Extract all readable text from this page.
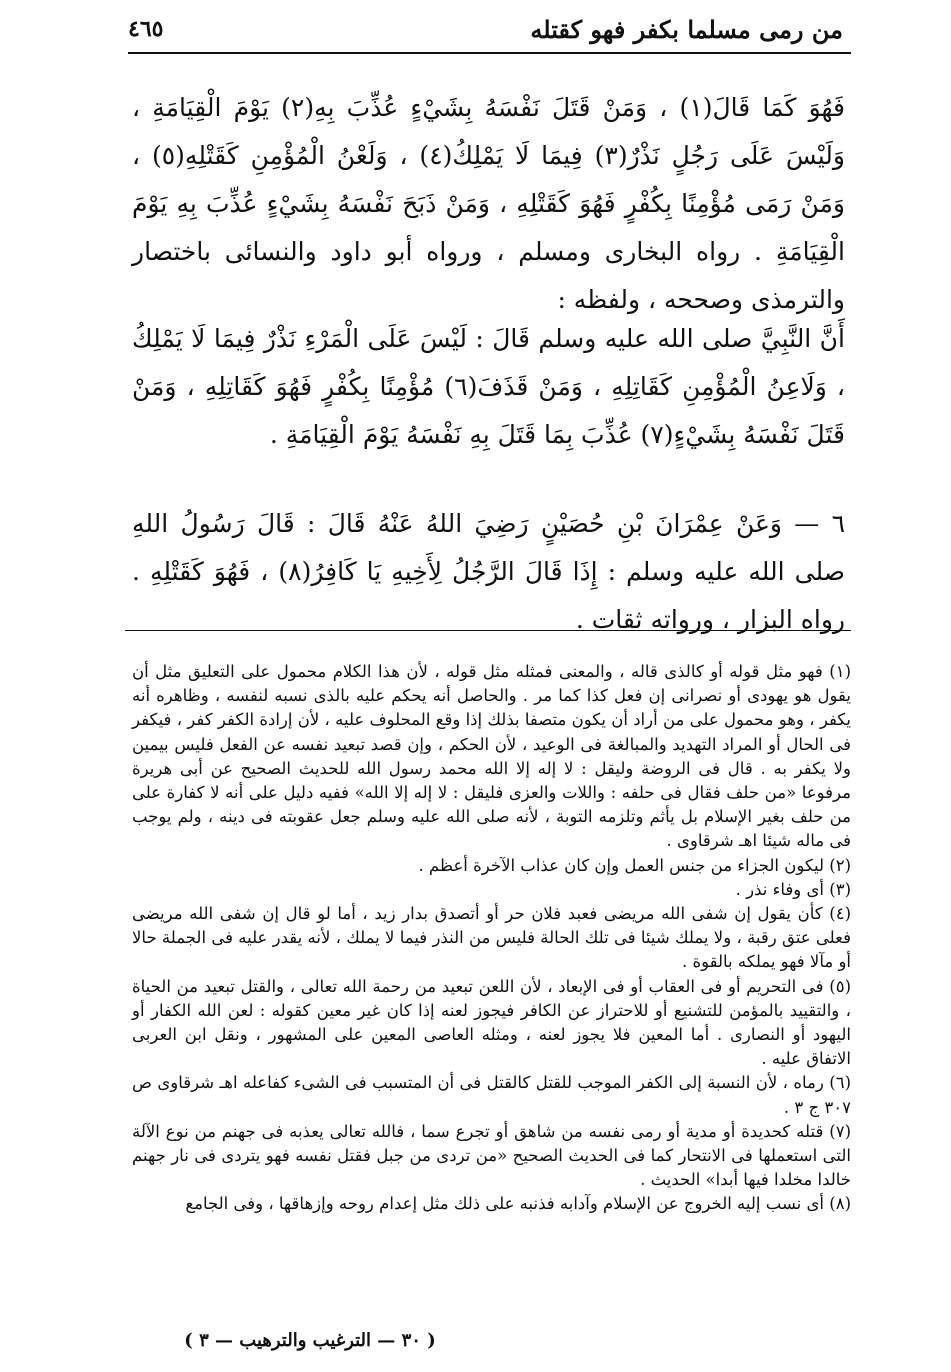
من رمى مسلما بكفر فهو كقتله
٤٦٥

فَهُوَ كَمَا قَالَ(١) ، وَمَنْ قَتَلَ نَفْسَهُ بِشَيْءٍ عُذِّبَ بِهِ(٢) يَوْمَ الْقِيَامَةِ ، وَلَيْسَ عَلَى رَجُلٍ نَذْرٌ(٣) فِيمَا لَا يَمْلِكُ(٤) ، وَلَعْنُ الْمُؤْمِنِ كَقَتْلِهِ(٥) ، وَمَنْ رَمَى مُؤْمِنًا بِكُفْرٍ فَهُوَ كَقَتْلِهِ ، وَمَنْ ذَبَحَ نَفْسَهُ بِشَيْءٍ عُذِّبَ بِهِ يَوْمَ الْقِيَامَةِ . رواه البخارى ومسلم ، ورواه أبو داود والنسائى باختصار والترمذى وصححه ، ولفظه :

أَنَّ النَّبِيَّ صلى الله عليه وسلم قَالَ : لَيْسَ عَلَى الْمَرْءِ نَذْرٌ فِيمَا لَا يَمْلِكُ ، وَلَاعِنُ الْمُؤْمِنِ كَقَاتِلِهِ ، وَمَنْ قَذَفَ(٦) مُؤْمِنًا بِكُفْرٍ فَهُوَ كَقَاتِلِهِ ، وَمَنْ قَتَلَ نَفْسَهُ بِشَيْءٍ(٧) عُذِّبَ بِمَا قَتَلَ بِهِ نَفْسَهُ يَوْمَ الْقِيَامَةِ .

٦ — وَعَنْ عِمْرَانَ بْنِ حُصَيْنٍ رَضِيَ اللهُ عَنْهُ قَالَ : قَالَ رَسُولُ اللهِ صلى الله عليه وسلم : إِذَا قَالَ الرَّجُلُ لِأَخِيهِ يَا كَافِرُ(٨) ، فَهُوَ كَقَتْلِهِ . رواه البزار ، ورواته ثقات .

(١) فهو مثل قوله أو كالذى قاله ، والمعنى فمثله مثل قوله ، لأن هذا الكلام محمول على التعليق مثل أن يقول هو يهودى أو نصرانى إن فعل كذا كما مر . والحاصل أنه يحكم عليه بالذى نسبه لنفسه ، وظاهره أنه يكفر ، وهو محمول على من أراد أن يكون متصفا بذلك إذا وقع المحلوف عليه ، لأن إرادة الكفر كفر ، فيكفر فى الحال أو المراد التهديد والمبالغة فى الوعيد ، لأن الحكم ، وإن قصد تبعيد نفسه عن الفعل فليس بيمين ولا يكفر به . قال فى الروضة وليقل : لا إله إلا الله محمد رسول الله للحديث الصحيح عن أبى هريرة مرفوعا «من حلف فقال فى حلفه : واللات والعزى فليقل : لا إله إلا الله» ففيه دليل على أنه لا كفارة على من حلف بغير الإسلام بل يأثم وتلزمه التوبة ، لأنه صلى الله عليه وسلم جعل عقوبته فى دينه ، ولم يوجب فى ماله شيئا اهـ شرقاوى .

(٢) ليكون الجزاء من جنس العمل وإن كان عذاب الآخرة أعظم .

(٣) أى وفاء نذر .

(٤) كأن يقول إن شفى الله مريضى فعبد فلان حر أو أتصدق بدار زيد ، أما لو قال إن شفى الله مريضى فعلى عتق رقبة ، ولا يملك شيئا فى تلك الحالة فليس من النذر فيما لا يملك ، لأنه يقدر عليه فى الجملة حالا أو مآلا فهو يملكه بالقوة .

(٥) فى التحريم أو فى العقاب أو فى الإبعاد ، لأن اللعن تبعيد من رحمة الله تعالى ، والقتل تبعيد من الحياة ، والتقييد بالمؤمن للتشنيع أو للاحتراز عن الكافر فيجوز لعنه إذا كان غير معين كقوله : لعن الله الكفار أو اليهود أو النصارى . أما المعين فلا يجوز لعنه ، ومثله العاصى المعين على المشهور ، ونقل ابن العربى الاتفاق عليه .

(٦) رماه ، لأن النسبة إلى الكفر الموجب للقتل كالقتل فى أن المتسبب فى الشىء كفاعله اهـ شرقاوى ص ٣٠٧ ج ٣ .

(٧) قتله كحديدة أو مدية أو رمى نفسه من شاهق أو تجرع سما ، فالله تعالى يعذبه فى جهنم من نوع الآلة التى استعملها فى الانتحار كما فى الحديث الصحيح «من تردى من جبل فقتل نفسه فهو يتردى فى نار جهنم خالدا مخلدا فيها أبدا» الحديث .

(٨) أى نسب إليه الخروج عن الإسلام وآدابه فذنبه على ذلك مثل إعدام روحه وإزهاقها ، وفى الجامع

( ٣٠ — الترغيب والترهيب — ٣ )
